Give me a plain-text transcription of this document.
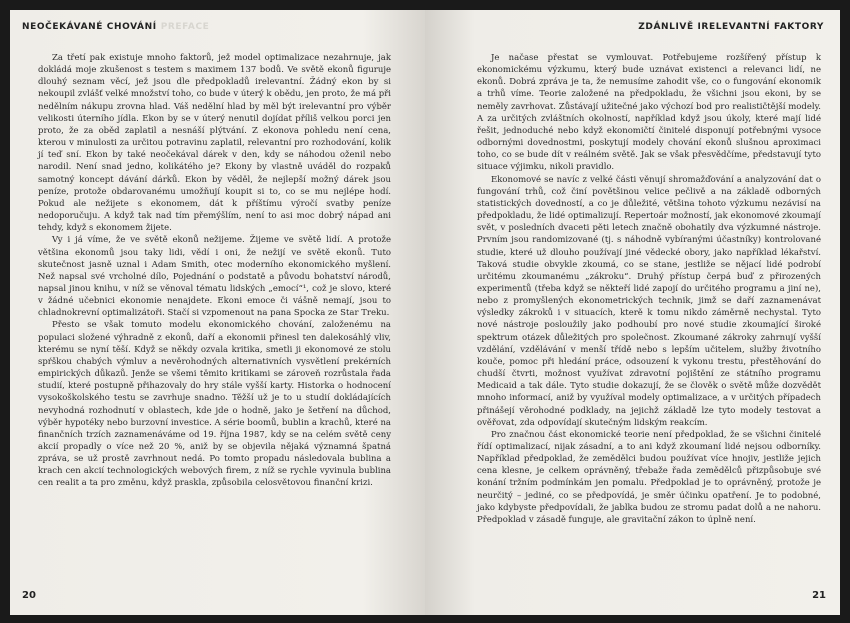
NEOČEKÁVANÉ CHOVÁNÍ PREFACE

Za třetí pak existuje mnoho faktorů, jež model optimalizace nezahrnuje, jak dokládá moje zkušenost s testem s maximem 137 bodů. Ve světě ekonů figuruje dlouhý seznam věcí, jež jsou dle předpokladů irelevantní. Žádný ekon by si nekoupil zvlášť velké množství toho, co bude v úterý k obědu, jen proto, že má při nedělním nákupu zrovna hlad. Váš nedělní hlad by měl být irelevantní pro výběr velikosti úterního jídla. Ekon by se v úterý nenutil dojídat příliš velkou porci jen proto, že za oběd zaplatil a nesnáší plýtvání. Z ekonova pohledu není cena, kterou v minulosti za určitou potravinu zaplatil, relevantní pro rozhodování, kolik jí teď sní. Ekon by také neočekával dárek v den, kdy se náhodou oženil nebo narodil. Není snad jedno, kolikátého je? Ekony by vlastně uváděl do rozpaků samotný koncept dávání dárků. Ekon by věděl, že nejlepší možný dárek jsou peníze, protože obdarovanému umožňují koupit si to, co se mu nejlépe hodí. Pokud ale nežijete s ekonomem, dát k příštímu výročí svatby peníze nedoporučuju. A když tak nad tím přemýšlím, není to asi moc dobrý nápad ani tehdy, když s ekonomem žijete.

Vy i já víme, že ve světě ekonů nežijeme. Žijeme ve světě lidí. A protože většina ekonomů jsou taky lidi, vědí i oni, že nežijí ve světě ekonů. Tuto skutečnost jasně uznal i Adam Smith, otec moderního ekonomického myšlení. Než napsal své vrcholné dílo, Pojednání o podstatě a původu bohatství národů, napsal jinou knihu, v níž se věnoval tématu lidských „emocí“¹, což je slovo, které v žádné učebnici ekonomie nenajdete. Ekoni emoce či vášně nemají, jsou to chladnokrevní optimalizátoři. Stačí si vzpomenout na pana Spocka ze Star Treku.

Přesto se však tomuto modelu ekonomického chování, založenému na populaci složené výhradně z ekonů, daří a ekonomii přinesl ten dalekosáhlý vliv, kterému se nyní těší. Když se někdy ozvala kritika, smetli ji ekonomové ze stolu spŕškou chabých výmluv a nevěrohodných alternativních vysvětlení prekérních empirických důkazů. Jenže se všemi těmito kritikami se zároveň rozrůstala řada studií, které postupně přihazovaly do hry stále vyšší karty. Historka o hodnocení vysokoškolského testu se zavrhuje snadno. Těžší už je to u studií dokládajících nevyhodná rozhodnutí v oblastech, kde jde o hodně, jako je šetření na důchod, výběr hypotéky nebo burzovní investice. A série boomů, bublin a krachů, které na finančních trzích zaznamenáváme od 19. října 1987, kdy se na celém světě ceny akcií propadly o více než 20 %, aniž by se objevila nějaká významná špatná zpráva, se už prostě zavrhnout nedá. Po tomto propadu následovala bublina a krach cen akcií technologických webových firem, z níž se rychle vyvinula bublina cen realit a ta pro změnu, když praskla, způsobila celosvětovou finanční krizi.

20
ZDÁNLIVĚ IRELEVANTNÍ FAKTORY

Je načase přestat se vymlouvat. Potřebujeme rozšířený přístup k ekonomickému výzkumu, který bude uznávat existenci a relevanci lidí, ne ekonů. Dobrá zpráva je ta, že nemusíme zahodit vše, co o fungování ekonomik a trhů víme. Teorie založené na předpokladu, že všichni jsou ekoni, by se neměly zavrhovat. Zůstávají užitečné jako výchozí bod pro realističtější modely. A za určitých zvláštních okolností, například když jsou úkoly, které mají lidé řešit, jednoduché nebo když ekonomičtí činitelé disponují potřebnými vysoce odbornými dovednostmi, poskytují modely chování ekonů slušnou aproximaci toho, co se bude dít v reálném světě. Jak se však přesvědčíme, představují tyto situace výjimku, nikoli pravidlo.

Ekonomové se navíc z velké části věnují shromažďování a analyzování dat o fungování trhů, což činí povětšinou velice pečlivě a na základě odborných statistických dovedností, a co je důležité, většina tohoto výzkumu nezávisí na předpokladu, že lidé optimalizují. Repertoár možností, jak ekonomové zkoumají svět, v posledních dvaceti pěti letech značně obohatily dva výzkumné nástroje. Prvním jsou randomizované (tj. s náhodně vybíranými účastníky) kontrolované studie, které už dlouho používají jiné vědecké obory, jako například lékařství. Taková studie obvykle zkoumá, co se stane, jestliže se nějací lidé podrobí určitému zkoumanému „zákroku“. Druhý přístup čerpá buď z přirozených experimentů (třeba když se někteří lidé zapojí do určitého programu a jiní ne), nebo z promyšlených ekonometrických technik, jimž se daří zaznamenávat výsledky zákroků i v situacích, kterě k tomu nikdo záměrně nechystal. Tyto nové nástroje posloužily jako podhoubí pro nové studie zkoumající široké spektrum otázek důležitých pro společnost. Zkoumané zákroky zahrnují vyšší vzdělání, vzdělávání v menší třídě nebo s lepším učitelem, služby životního kouče, pomoc při hledání práce, odsouzení k vykonu trestu, přestěhování do chudší čtvrti, možnost využívat zdravotní pojištění ze státního programu Medicaid a tak dále. Tyto studie dokazují, že se člověk o světě může dozvědět mnoho informací, aniž by využíval modely optimalizace, a v určitých případech přinášejí věrohodné podklady, na jejichž základě lze tyto modely testovat a ověřovat, zda odpovídají skutečným lidským reakcím.

Pro značnou část ekonomické teorie není předpoklad, že se všichni činitelé řídí optimalizací, nijak zásadní, a to ani když zkoumaní lidé nejsou odborníky. Například předpoklad, že zemědělci budou používat více hnojiv, jestliže jejich cena klesne, je celkem oprávněný, třebaže řada zemědělců přizpůsobuje své konání tržním podmínkám jen pomalu. Předpoklad je to oprávněný, protože je neurčitý – jediné, co se předpovídá, je směr účinku opatření. Je to podobné, jako kdybyste předpovídali, že jablka budou ze stromu padat dolů a ne nahoru. Předpoklad v zásadě funguje, ale gravitační zákon to úplně není.

21
